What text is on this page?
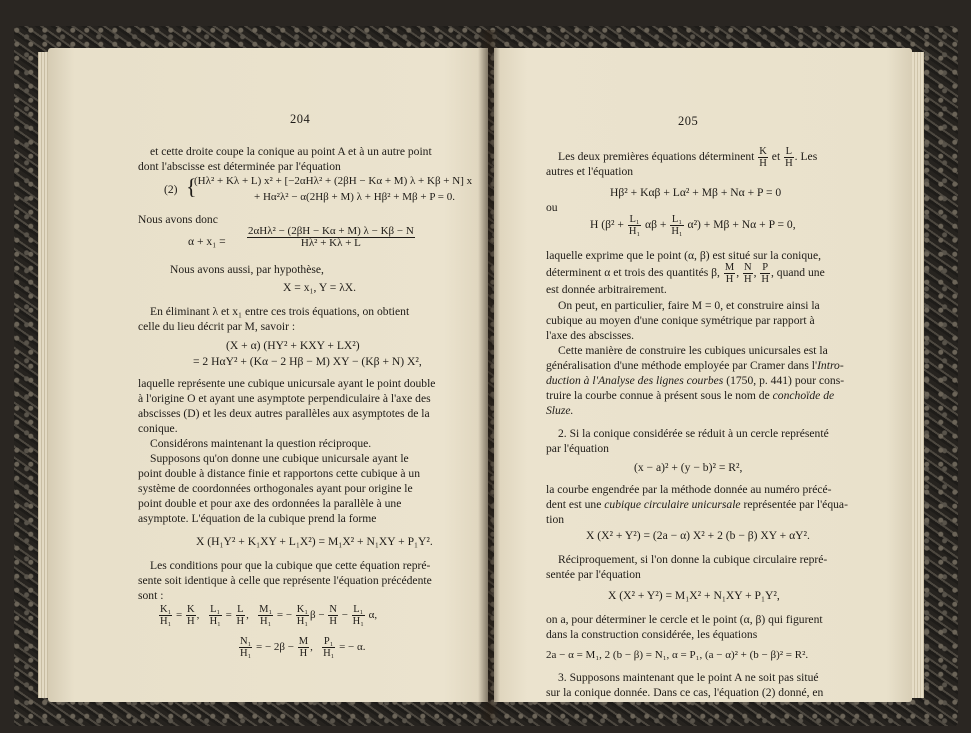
204
et cette droite coupe la conique au point A et à un autre point
dont l'abscisse est déterminée par l'équation
(2) {
(Hλ² + Kλ + L) x² + [−2αHλ² + (2βH − Kα + M) λ + Kβ + N] x
+ Hα²λ² − α(2Hβ + M) λ + Hβ² + Mβ + P = 0.
Nous avons donc
$\alpha + x_1 = \frac{\text{2αHλ² − (2βH − Kα + M) λ − Kβ − N}}{\text{Hλ² + Kλ + L}}$
Nous avons aussi, par hypothèse,
X = x₁, Y = λX.
En éliminant λ et x₁ entre ces trois équations, on obtient
celle du lieu décrit par M, savoir :
(X + α) (HY² + KXY + LX²)
= 2 HαY² + (Kα − 2 Hβ − M) XY − (Kβ + N) X²,
laquelle représente une cubique unicursale ayant le point double
à l'origine O et ayant une asymptote perpendiculaire à l'axe des
abscisses (D) et les deux autres parallèles aux asymptotes de la
conique.
Considérons maintenant la question réciproque.
Supposons qu'on donne une cubique unicursale ayant le
point double à distance finie et rapportons cette cubique à un
système de coordonnées orthogonales ayant pour origine le
point double et pour axe des ordonnées la parallèle à une
asymptote. L'équation de la cubique prend la forme
X (H₁Y² + K₁XY + L₁X²) = M₁X² + N₁XY + P₁Y².
Les conditions pour que la cubique que cette équation repré-
sente soit identique à celle que représente l'équation précédente
sont :
$\frac{\text{K₁}}{\text{H₁}} = \frac{K}{H}$ , $\frac{\text{L₁}}{\text{H₁}} = \frac{L}{H}$ , $\frac{\text{M₁}}{\text{H₁}}$ = − $\frac{\text{K₁}}{\text{H₁}}$ $\beta - \frac{N}{H} - \frac{\text{L₁}}{\text{H₁}} \alpha$,
$\frac{\text{N₁}}{\text{H₁}}$ = − $2\beta - \frac{M}{H}$ , $\frac{\text{P₁}}{\text{H₁}}$ = − α.
205
Les deux premières équations déterminent $\frac{K}{H}$ et $\frac{L}{H}$ . Les
autres et l'équation
Hβ² + Kαβ + Lα² + Mβ + Nα + P = 0
ou
H ($\beta^2 + \frac{\text{L₁}}{\text{H₁}}$ $\alpha\beta + \frac{\text{L₁}}{\text{H₁}} \alpha^2) + M\beta + N\alpha + P = 0$,
laquelle exprime que le point (α, β) est situé sur la conique,
déterminent α et trois des quantités β, $\frac{M}{H}$ , $\frac{N}{H}$ , $\frac{P}{H}$ , quand une
est donnée arbitrairement.
On peut, en particulier, faire M = 0, et construire ainsi la
cubique au moyen d'une conique symétrique par rapport à
l'axe des abscisses.
Cette manière de construire les cubiques unicursales est la
généralisation d'une méthode employée par Cramer dans l'Intro-
duction à l'Analyse des lignes courbes (1750, p. 441) pour cons-
truire la courbe connue à présent sous le nom de conchoïde de
Sluze.
2. Si la conique considérée se réduit à un cercle représenté
par l'équation
(x − a)² + (y − b)² = R²,
la courbe engendrée par la méthode donnée au numéro précé-
dent est une cubique circulaire unicursale représentée par l'équa-
tion
X (X² + Y²) = (2a − α) X² + 2 (b − β) XY + αY².
Réciproquement, si l'on donne la cubique circulaire repré-
sentée par l'équation
X (X² + Y²) = M₁X² + N₁XY + P₁Y²,
on a, pour déterminer le cercle et le point (α, β) qui figurent
dans la construction considérée, les équations
2a − α = M₁, 2 (b − β) = N₁, α = P₁, (a − α)² + (b − β)² = R².
3. Supposons maintenant que le point A ne soit pas situé
sur la conique donnée. Dans ce cas, l'équation (2) donné, en
